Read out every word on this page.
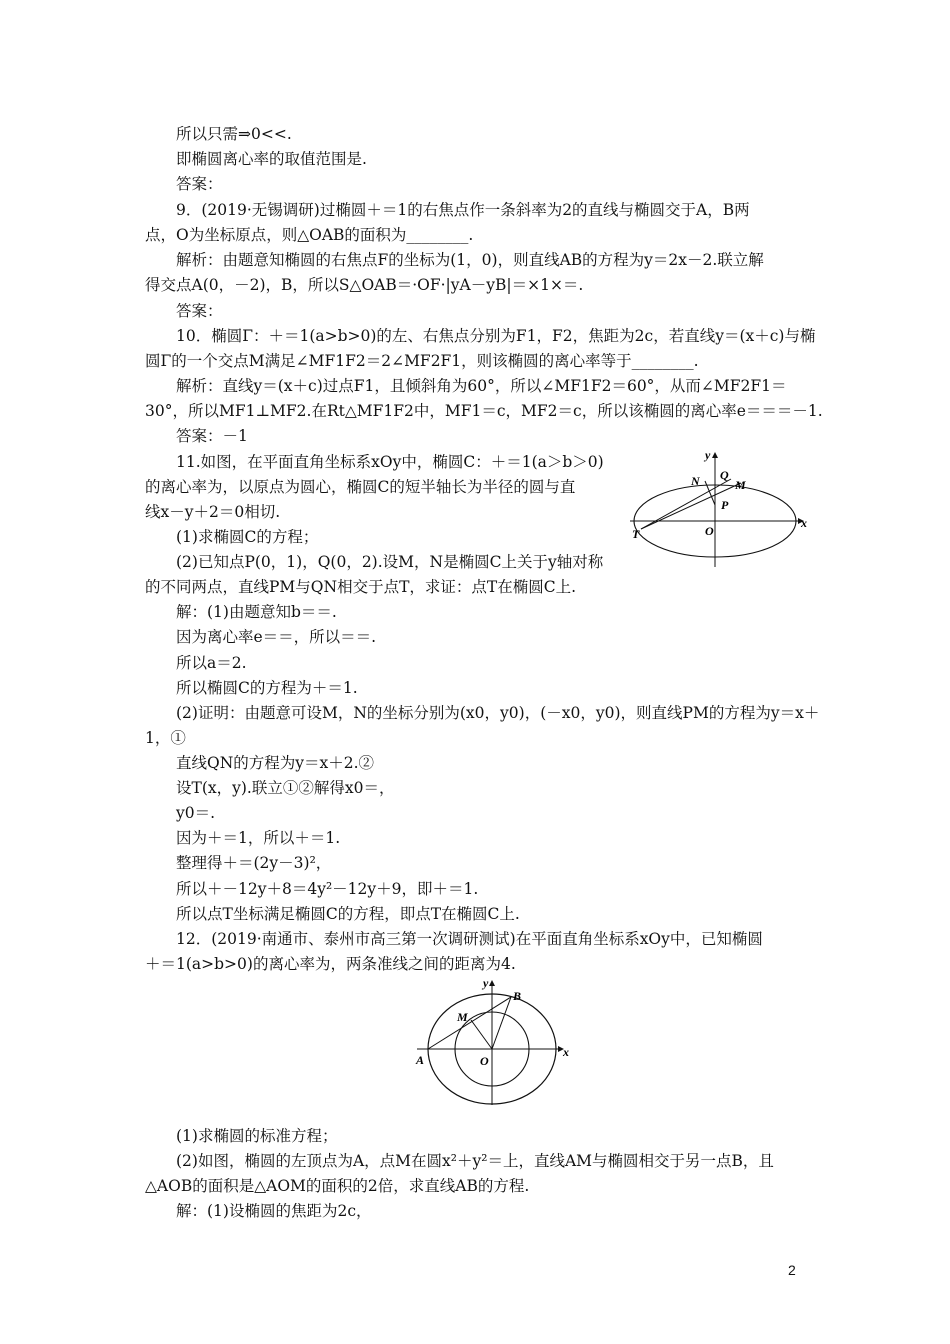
所以只需⇒0<<.
即椭圆离心率的取值范围是.
答案：
9．(2019·无锡调研)过椭圆＋＝1的右焦点作一条斜率为2的直线与椭圆交于A，B两
点，O为坐标原点，则△OAB的面积为________.
解析：由题意知椭圆的右焦点F的坐标为(1，0)，则直线AB的方程为y＝2x－2.联立解
得交点A(0，－2)，B，所以S△OAB＝·OF·|yA－yB|＝×1×＝.
答案：
10．椭圆Γ：＋＝1(a>b>0)的左、右焦点分别为F1，F2，焦距为2c，若直线y＝(x＋c)与椭
圆Γ的一个交点M满足∠MF1F2＝2∠MF2F1，则该椭圆的离心率等于________.
解析：直线y＝(x＋c)过点F1，且倾斜角为60°，所以∠MF1F2＝60°，从而∠MF2F1＝
30°，所以MF1⊥MF2.在Rt△MF1F2中，MF1＝c，MF2＝c，所以该椭圆的离心率e＝＝＝－1.
答案：－1
11.如图，在平面直角坐标系xOy中，椭圆C：＋＝1(a＞b＞0)
的离心率为，以原点为圆心，椭圆C的短半轴长为半径的圆与直
线x－y＋2＝0相切.
(1)求椭圆C的方程；
(2)已知点P(0，1)，Q(0，2).设M，N是椭圆C上关于y轴对称
的不同两点，直线PM与QN相交于点T，求证：点T在椭圆C上.
解：(1)由题意知b＝＝.
因为离心率e＝＝，所以＝＝.
所以a＝2.
所以椭圆C的方程为＋＝1.
(2)证明：由题意可设M，N的坐标分别为(x0，y0)，(－x0，y0)，则直线PM的方程为y＝x＋
1，①
直线QN的方程为y＝x＋2.②
设T(x，y).联立①②解得x0＝，
y0＝.
因为＋＝1，所以＋＝1.
整理得＋＝(2y－3)²，
所以＋－12y＋8＝4y²－12y＋9，即＋＝1.
所以点T坐标满足椭圆C的方程，即点T在椭圆C上.
12．(2019·南通市、泰州市高三第一次调研测试)在平面直角坐标系xOy中，已知椭圆
＋＝1(a>b>0)的离心率为，两条准线之间的距离为4.
y
x
N Q
M
P
O
T
y
x
B
M
A	O
(1)求椭圆的标准方程；
(2)如图，椭圆的左顶点为A，点M在圆x²＋y²＝上，直线AM与椭圆相交于另一点B，且
△AOB的面积是△AOM的面积的2倍，求直线AB的方程.
解：(1)设椭圆的焦距为2c，
2
